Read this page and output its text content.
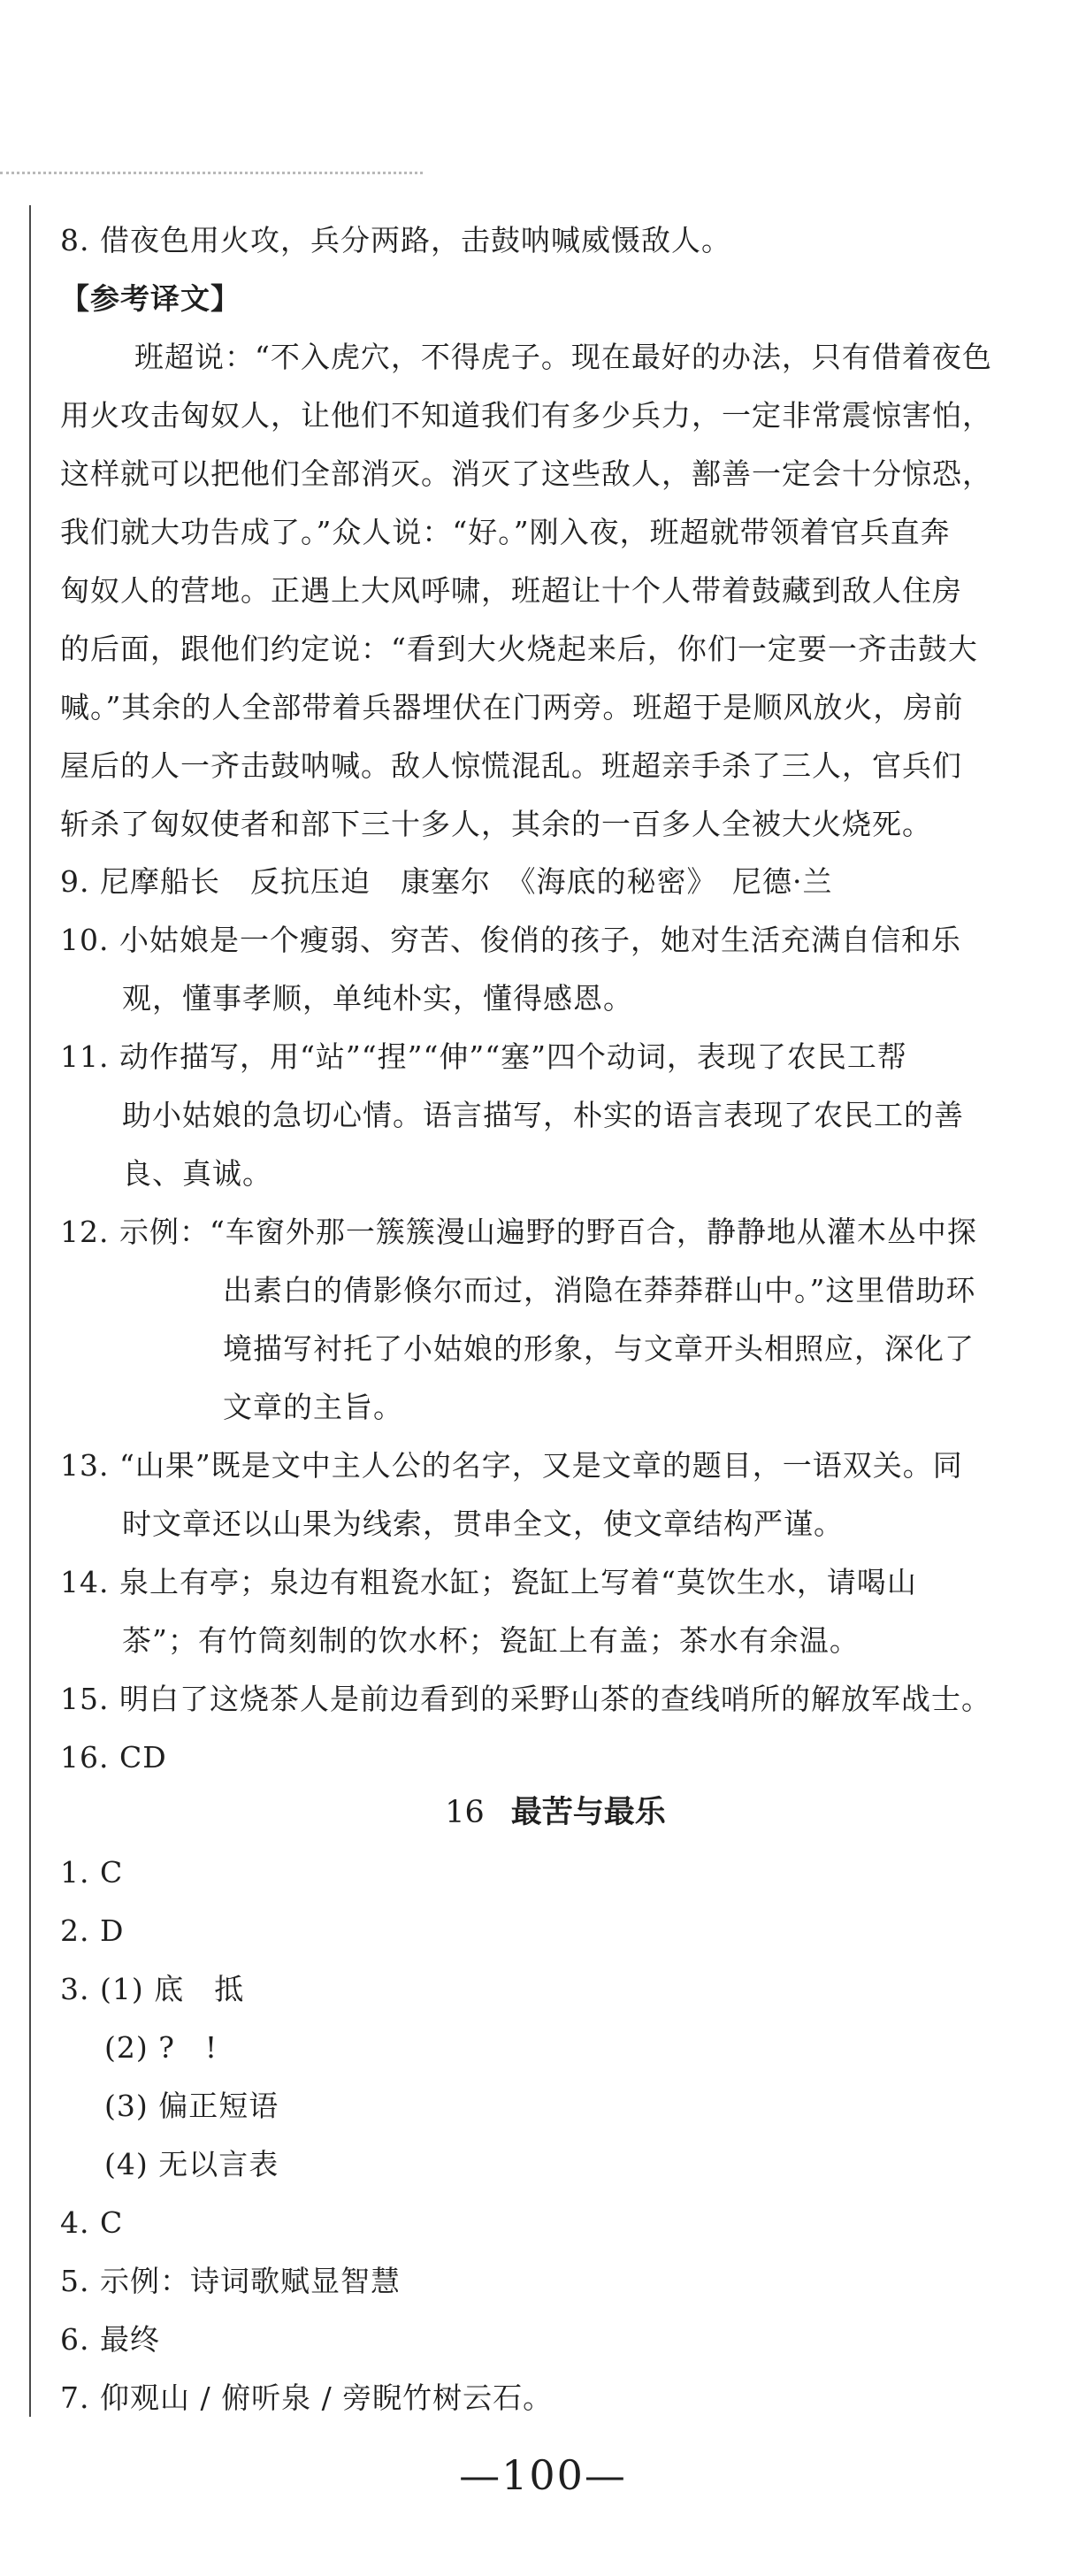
8. 借夜色用火攻，兵分两路，击鼓呐喊威慑敌人。
【参考译文】
班超说：“不入虎穴，不得虎子。现在最好的办法，只有借着夜色
用火攻击匈奴人，让他们不知道我们有多少兵力，一定非常震惊害怕，
这样就可以把他们全部消灭。消灭了这些敌人，鄯善一定会十分惊恐，
我们就大功告成了。”众人说：“好。”刚入夜，班超就带领着官兵直奔
匈奴人的营地。正遇上大风呼啸，班超让十个人带着鼓藏到敌人住房
的后面，跟他们约定说：“看到大火烧起来后，你们一定要一齐击鼓大
喊。”其余的人全部带着兵器埋伏在门两旁。班超于是顺风放火，房前
屋后的人一齐击鼓呐喊。敌人惊慌混乱。班超亲手杀了三人，官兵们
斩杀了匈奴使者和部下三十多人，其余的一百多人全被大火烧死。
9. 尼摩船长　反抗压迫　康塞尔　《海底的秘密》　尼德·兰
10. 小姑娘是一个瘦弱、穷苦、俊俏的孩子，她对生活充满自信和乐
观，懂事孝顺，单纯朴实，懂得感恩。
11. 动作描写，用“站”“捏”“伸”“塞”四个动词，表现了农民工帮
助小姑娘的急切心情。语言描写，朴实的语言表现了农民工的善
良、真诚。
12. 示例：“车窗外那一簇簇漫山遍野的野百合，静静地从灌木丛中探
出素白的倩影倏尔而过，消隐在莽莽群山中。”这里借助环
境描写衬托了小姑娘的形象，与文章开头相照应，深化了
文章的主旨。
13. “山果”既是文中主人公的名字，又是文章的题目，一语双关。同
时文章还以山果为线索，贯串全文，使文章结构严谨。
14. 泉上有亭；泉边有粗瓷水缸；瓷缸上写着“莫饮生水，请喝山
茶”；有竹筒刻制的饮水杯；瓷缸上有盖；茶水有余温。
15. 明白了这烧茶人是前边看到的采野山茶的查线哨所的解放军战士。
16. CD
16 最苦与最乐
1. C
2. D
3. (1) 底　抵
(2) ?　!
(3) 偏正短语
(4) 无以言表
4. C
5. 示例：诗词歌赋显智慧
6. 最终
7. 仰观山 / 俯听泉 / 旁睨竹树云石。
—100—
